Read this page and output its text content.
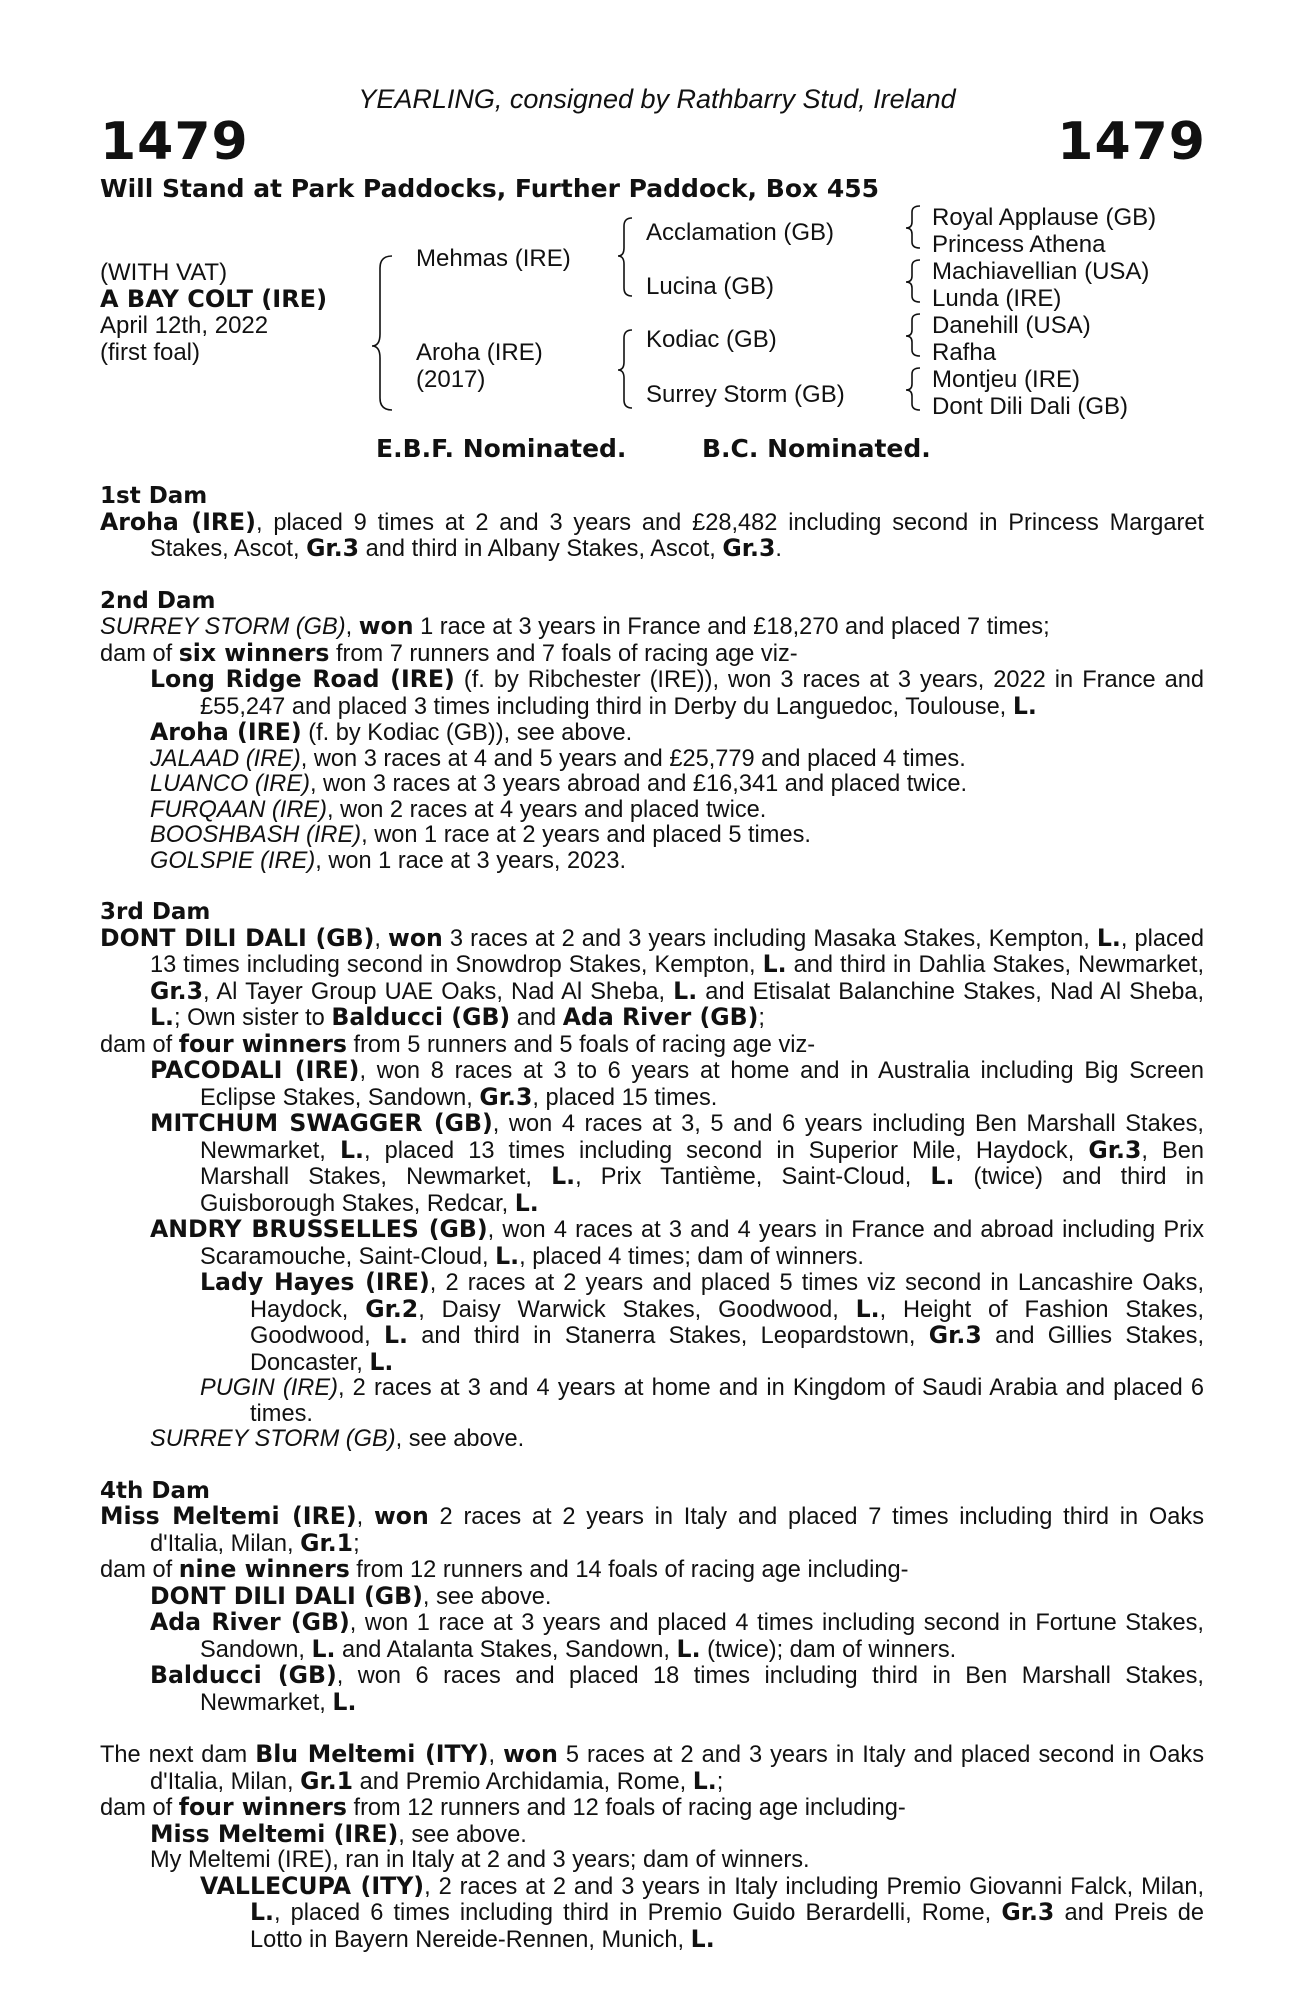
YEARLING, consigned by Rathbarry Stud, Ireland
1479	1479
Will Stand at Park Paddocks, Further Paddock, Box 455
(WITH VAT)
A BAY COLT (IRE)
April 12th, 2022
(first foal)
Mehmas (IRE)
Aroha (IRE)
(2017)
Acclamation (GB)
Lucina (GB)
Kodiac (GB)
Surrey Storm (GB)
Royal Applause (GB)
Princess Athena
Machiavellian (USA)
Lunda (IRE)
Danehill (USA)
Rafha
Montjeu (IRE)
Dont Dili Dali (GB)
E.B.F. Nominated.	B.C. Nominated.
1st Dam
Aroha (IRE), placed 9 times at 2 and 3 years and £28,482 including second in Princess Margaret Stakes, Ascot, Gr.3 and third in Albany Stakes, Ascot, Gr.3.
2nd Dam
SURREY STORM (GB), won 1 race at 3 years in France and £18,270 and placed 7 times;
dam of six winners from 7 runners and 7 foals of racing age viz-
Long Ridge Road (IRE) (f. by Ribchester (IRE)), won 3 races at 3 years, 2022 in France and £55,247 and placed 3 times including third in Derby du Languedoc, Toulouse, L.
Aroha (IRE) (f. by Kodiac (GB)), see above.
JALAAD (IRE), won 3 races at 4 and 5 years and £25,779 and placed 4 times.
LUANCO (IRE), won 3 races at 3 years abroad and £16,341 and placed twice.
FURQAAN (IRE), won 2 races at 4 years and placed twice.
BOOSHBASH (IRE), won 1 race at 2 years and placed 5 times.
GOLSPIE (IRE), won 1 race at 3 years, 2023.
3rd Dam
DONT DILI DALI (GB), won 3 races at 2 and 3 years including Masaka Stakes, Kempton, L., placed 13 times including second in Snowdrop Stakes, Kempton, L. and third in Dahlia Stakes, Newmarket, Gr.3, Al Tayer Group UAE Oaks, Nad Al Sheba, L. and Etisalat Balanchine Stakes, Nad Al Sheba, L.; Own sister to Balducci (GB) and Ada River (GB);
dam of four winners from 5 runners and 5 foals of racing age viz-
PACODALI (IRE), won 8 races at 3 to 6 years at home and in Australia including Big Screen Eclipse Stakes, Sandown, Gr.3, placed 15 times.
MITCHUM SWAGGER (GB), won 4 races at 3, 5 and 6 years including Ben Marshall Stakes, Newmarket, L., placed 13 times including second in Superior Mile, Haydock, Gr.3, Ben Marshall Stakes, Newmarket, L., Prix Tantième, Saint-Cloud, L. (twice) and third in Guisborough Stakes, Redcar, L.
ANDRY BRUSSELLES (GB), won 4 races at 3 and 4 years in France and abroad including Prix Scaramouche, Saint-Cloud, L., placed 4 times; dam of winners.
Lady Hayes (IRE), 2 races at 2 years and placed 5 times viz second in Lancashire Oaks, Haydock, Gr.2, Daisy Warwick Stakes, Goodwood, L., Height of Fashion Stakes, Goodwood, L. and third in Stanerra Stakes, Leopardstown, Gr.3 and Gillies Stakes, Doncaster, L.
PUGIN (IRE), 2 races at 3 and 4 years at home and in Kingdom of Saudi Arabia and placed 6 times.
SURREY STORM (GB), see above.
4th Dam
Miss Meltemi (IRE), won 2 races at 2 years in Italy and placed 7 times including third in Oaks d'Italia, Milan, Gr.1;
dam of nine winners from 12 runners and 14 foals of racing age including-
DONT DILI DALI (GB), see above.
Ada River (GB), won 1 race at 3 years and placed 4 times including second in Fortune Stakes, Sandown, L. and Atalanta Stakes, Sandown, L. (twice); dam of winners.
Balducci (GB), won 6 races and placed 18 times including third in Ben Marshall Stakes, Newmarket, L.
The next dam Blu Meltemi (ITY), won 5 races at 2 and 3 years in Italy and placed second in Oaks d'Italia, Milan, Gr.1 and Premio Archidamia, Rome, L.;
dam of four winners from 12 runners and 12 foals of racing age including-
Miss Meltemi (IRE), see above.
My Meltemi (IRE), ran in Italy at 2 and 3 years; dam of winners.
VALLECUPA (ITY), 2 races at 2 and 3 years in Italy including Premio Giovanni Falck, Milan, L., placed 6 times including third in Premio Guido Berardelli, Rome, Gr.3 and Preis de Lotto in Bayern Nereide-Rennen, Munich, L.
